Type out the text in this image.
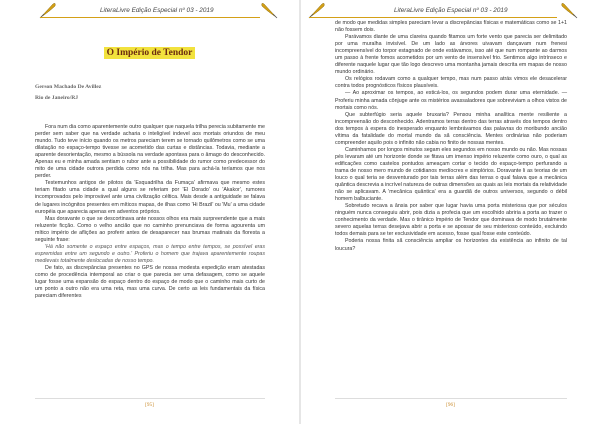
LiteraLivre Edição Especial nº 03 - 2019
O Império de Tendor
Gerson Machado De Avillez
Rio de Janeiro/RJ

Fora num dia como aparentemente outro qualquer que naquela trilha perecia subitamente me perder sem saber que na verdade acharia o inteligível indevel aos mortais oriundos de meu mundo. Tudo teve início quando os metros pareciam terem se tornado quilômetros como se uma dilatação no espaço-tempo tivesse se acometido das curtas e distâncias. Todavia, mediante a aparente desorientação, mesmo a bússola na verdade apontava para o âmago do desconhecido. Apenas eu e minha amada sentiam o rubor ante a possibilidade do rumor como predecessor do mito de uma cidade outrora perdida como nós na trilha. Mas para achá-la teríamos que nos perder.

Testemunhos antigos de pilotos da 'Esquadrilha da Fumaça' afirmava que mesmo estes teriam fitado uma cidade a qual alguns se referiam por 'El Dorado' ou 'Akakor', rumores incomprovados pelo improvável ante uma civilização céltica. Mais desde a antiguidade se falava de lugares incógnitos presentes em míticos mapas, de ilhas como 'Hi Brazil' ou 'Mu' a uma cidade européia que aparecia apenas em adventos próprios.

Mas doravante o que se descortinava ante nossos olhos era mais surpreendente que a mais reluzente ficção. Como o velho ancião que no caminho prenunciava de forma agourenta um mítico império de aflições ao proferir antes de desaparecer nas brumas matinais da floresta a seguinte frase:

'Há não somente o espaço entre espaços, mas o tempo entre tempos, se possível eras espremidas entre um segundo e outro.' Proferiu o homem que trajava aparentemente roupas medievais totalmente deslocadas de nosso tempo.

De fato, as discrepâncias presentes no GPS de nossa modesta expedição eram atestadas como de procedência intemporal ao criar o que parecia ser uma defasagem, como se aquele lugar fosse uma expansão do espaço dentro do espaço de modo que o caminho mais curto de um ponto a outro não era uma reta, mas uma curva. De certo as leis fundamentais da física pareciam diferentes

[95]
LiteraLivre Edição Especial nº 03 - 2019

de modo que medidas simples pareciam levar a discrepâncias físicas e matemáticas como se 1+1 não fossem dois.

Parávamos diante de uma clareira quando fitamos um forte vento que parecia ser delimitado por uma muralha invisível. De um lado as árvores uivavam dançavam num frenesi incompreensível do torpor estagnado de onde estávamos, isso até que num rompante ao darmos um passo à frente fomos acometidos por um vento de insensível frio. Sentimos algo intrínseco e diferente naquele lugar que tão logo descrevo uma montanha jamais descrita em mapas de nosso mundo ordinário.

Os relógios rodavam como a qualquer tempo, mas num passo atrás vimos ele desacelerar contra todos prognósticos físicos plausíveis.

— Ao aproximar os tempos, ao esticá-los, os segundos podem durar uma eternidade. — Proferiu minha amada cônjuge ante os mistérios avassaladores que sobreviviam a olhos vistos de mortais como nós.

Que subterfúgio seria aquele bruxaria? Pensou minha analítica mente resiliente a incompreensão do desconhecido. Adentramos terras dentro das terras através dos tempos dentro dos tempos à espera do inesperado enquanto lembrávamos das palavras do moribundo ancião vítima da fatalidade do mortal mundo da sã consciência. Mentes ordinárias não poderiam compreender aquilo pois o infinito não cabia no finito de nossas mentes.

Caminhamos por longos minutos segam eles segundos em nosso mundo ou não. Mas nossas pés levaram até um horizonte donde se fitava um imenso império reluzente como ouro, o qual as edificações como castelos pontudos ameaçam cortar o tecido do espaço-tempo perfurando a trama de nosso mero mundo de cotidianos medíocres e simplórios. Doravante li as teorias de um louco o qual teria se desventurado por tais terras além das terras o qual falava que a mecânica quântica descrevia a incrível natureza de outras dimensões as quais as leis mortais da relatividade não se aplicavam. A 'mecânica quântica' era a guardiã de outros universos, segundo o débil homem balbuciante.

Sobretudo recava a ânsia por saber que lugar havia uma porta misteriosa que por séculos ninguém nunca conseguiu abrir, pois dizia a profecia que um escolhido abriria a porta ao trazer o conhecimento da verdade. Mas o tirânico Império de Tendor que dominava de modo brutalmente severo aquelas terras desejava abrir a porta e se apossar de seu misterioso conteúdo, excluindo todos demais para se ter exclusividade em acesso, fosse qual fosse este conteúdo.

Poderia nossa finita sã consciência ampliar os horizontes da existência ao infinito de tal loucura?

[96]
